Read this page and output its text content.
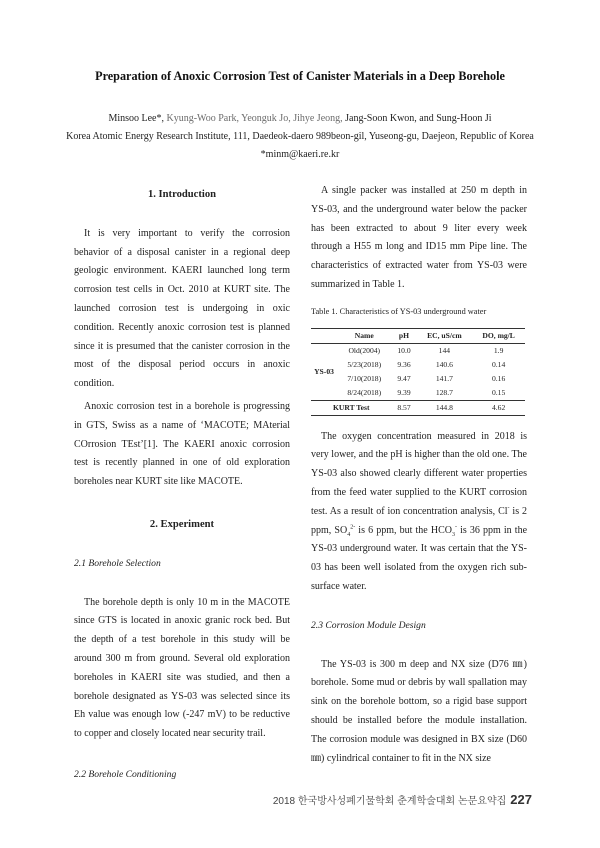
Preparation of Anoxic Corrosion Test of Canister Materials in a Deep Borehole
Minsoo Lee*, Kyung-Woo Park, Yeonguk Jo, Jihye Jeong, Jang-Soon Kwon, and Sung-Hoon Ji
Korea Atomic Energy Research Institute, 111, Daedeok-daero 989beon-gil, Yuseong-gu, Daejeon, Republic of Korea
*minm@kaeri.re.kr
1. Introduction

It is very important to verify the corrosion behavior of a disposal canister in a regional deep geologic environment. KAERI launched long term corrosion test cells in Oct. 2010 at KURT site. The launched corrosion test is undergoing in oxic condition. Recently anoxic corrosion test is planned since it is presumed that the canister corrosion in the most of the disposal period occurs in anoxic condition.

Anoxic corrosion test in a borehole is progressing in GTS, Swiss as a name of ‘MACOTE; MAterial COrrosion TEst’[1]. The KAERI anoxic corrosion test is recently planned in one of old exploration boreholes near KURT site like MACOTE.

2. Experiment
2.1 Borehole Selection

The borehole depth is only 10 m in the MACOTE since GTS is located in anoxic granic rock bed. But the depth of a test borehole in this study will be around 300 m from ground. Several old exploration boreholes in KAERI site was studied, and then a borehole designated as YS-03 was selected since its Eh value was enough low (-247 mV) to be reductive to copper and closely located near security trail.

2.2 Borehole Conditioning

A single packer was installed at 250 m depth in YS-03, and the underground water below the packer has been extracted to about 9 liter every week through a H55 m long and ID15 mm Pipe line. The characteristics of extracted water from YS-03 were summarized in Table 1.

Table 1. Characteristics of YS-03 underground water
	Name	pH	EC, uS/cm	DO, mg/L
YS-03	Old(2004)	10.0	144	1.9
	5/23(2018)	9.36	140.6	0.14
	7/10(2018)	9.47	141.7	0.16
	8/24(2018)	9.39	128.7	0.15
KURT Test		8.57	144.8	4.62

The oxygen concentration measured in 2018 is very lower, and the pH is higher than the old one. The YS-03 also showed clearly different water properties from the feed water supplied to the KURT corrosion test. As a result of ion concentration analysis, Cl- is 2 ppm, $SO_4^{2-}$ is 6 ppm, but the $HCO_3^-$ is 36 ppm in the YS-03 underground water. It was certain that the YS-03 has been well isolated from the oxygen rich sub-surface water.

2.3 Corrosion Module Design

The YS-03 is 300 m deep and NX size (D76 ㎜) borehole. Some mud or debris by wall spallation may sink on the borehole bottom, so a rigid base support should be installed before the module installation. The corrosion module was designed in BX size (D60 ㎜) cylindrical container to fit in the NX size

2018 한국방사성폐기물학회 춘계학술대회 논문요약집 227
